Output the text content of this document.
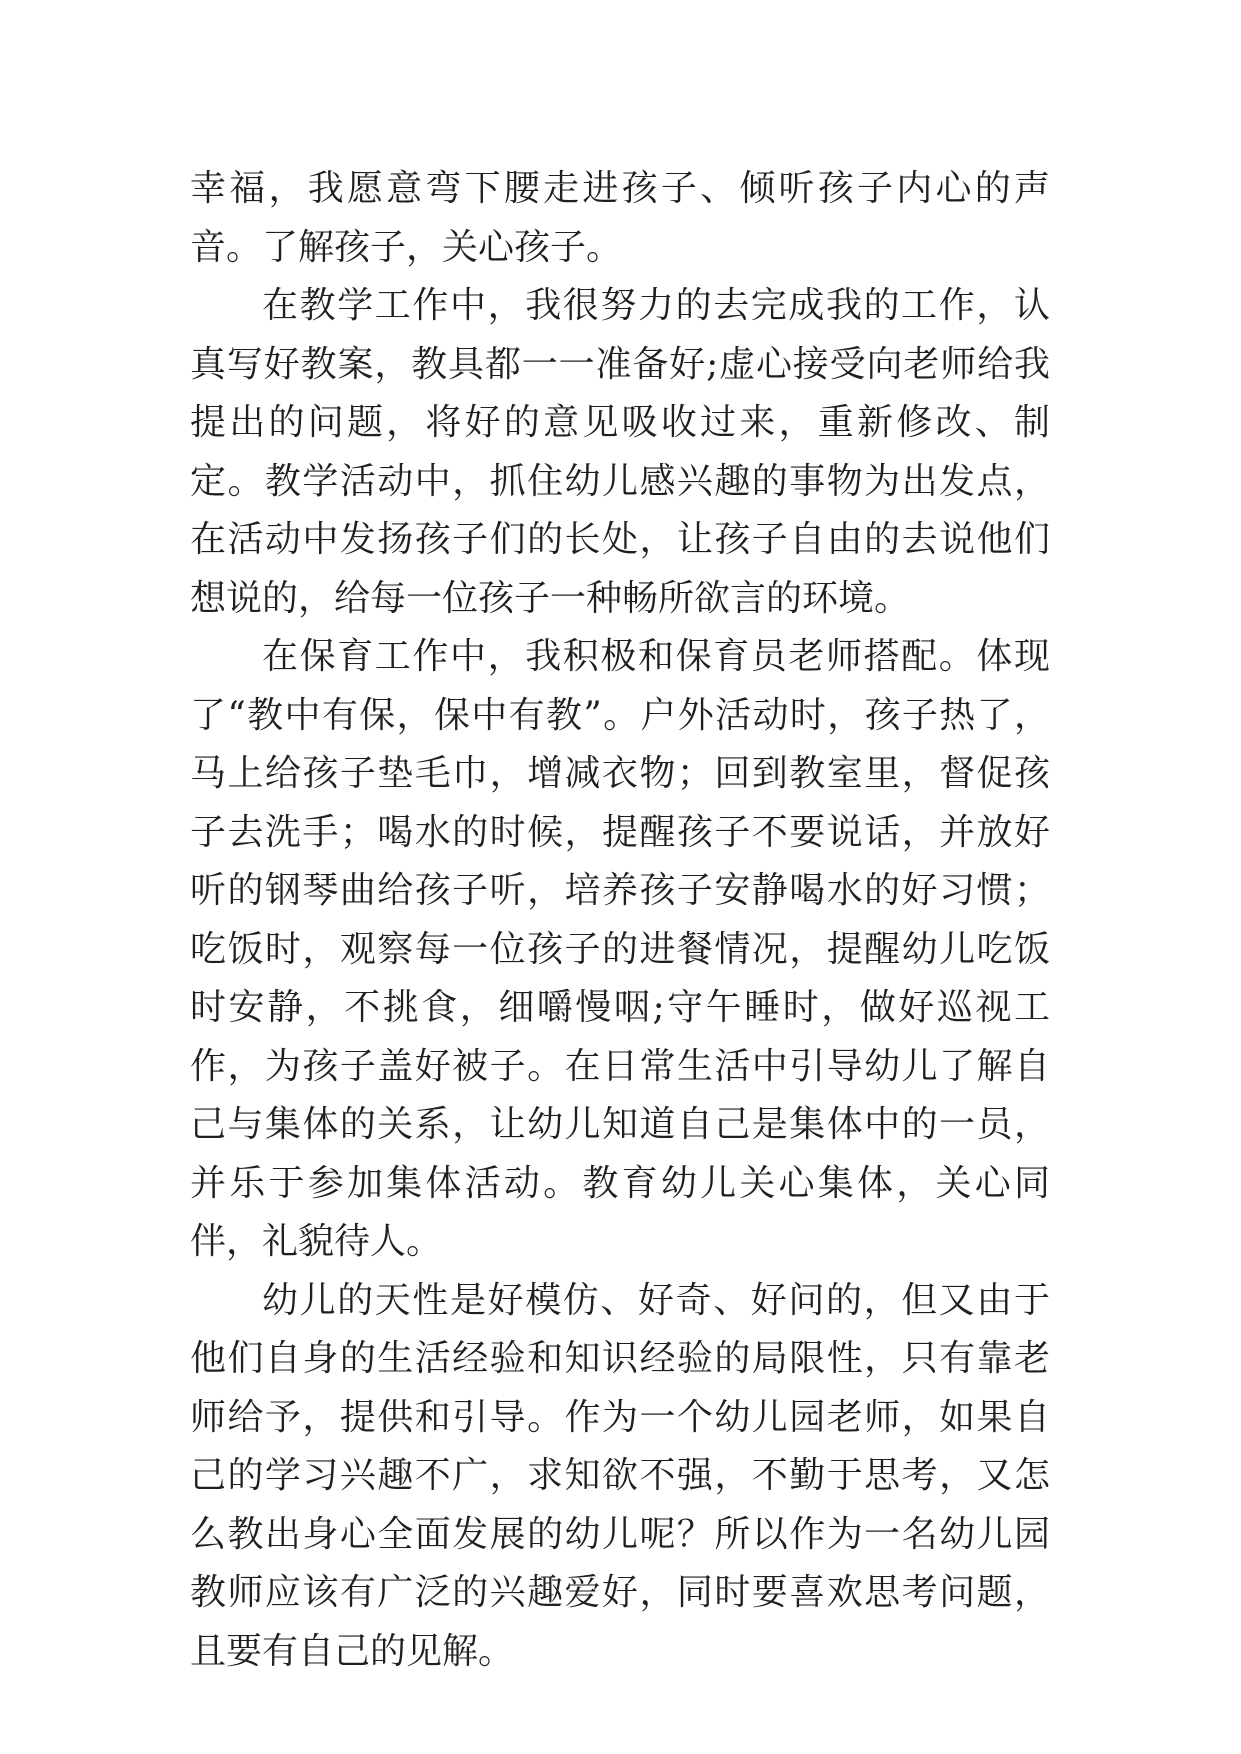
幸福，我愿意弯下腰走进孩子、倾听孩子内心的声音。了解孩子，关心孩子。

在教学工作中，我很努力的去完成我的工作，认真写好教案，教具都一一准备好;虚心接受向老师给我提出的问题，将好的意见吸收过来，重新修改、制定。教学活动中，抓住幼儿感兴趣的事物为出发点，在活动中发扬孩子们的长处，让孩子自由的去说他们想说的，给每一位孩子一种畅所欲言的环境。

在保育工作中，我积极和保育员老师搭配。体现了“教中有保，保中有教”。户外活动时，孩子热了，马上给孩子垫毛巾，增减衣物；回到教室里，督促孩子去洗手；喝水的时候，提醒孩子不要说话，并放好听的钢琴曲给孩子听，培养孩子安静喝水的好习惯；吃饭时，观察每一位孩子的进餐情况，提醒幼儿吃饭时安静，不挑食，细嚼慢咽;守午睡时，做好巡视工作，为孩子盖好被子。在日常生活中引导幼儿了解自己与集体的关系，让幼儿知道自己是集体中的一员，并乐于参加集体活动。教育幼儿关心集体，关心同伴，礼貌待人。

幼儿的天性是好模仿、好奇、好问的，但又由于他们自身的生活经验和知识经验的局限性，只有靠老师给予，提供和引导。作为一个幼儿园老师，如果自己的学习兴趣不广，求知欲不强，不勤于思考，又怎么教出身心全面发展的幼儿呢？所以作为一名幼儿园教师应该有广泛的兴趣爱好，同时要喜欢思考问题，且要有自己的见解。
